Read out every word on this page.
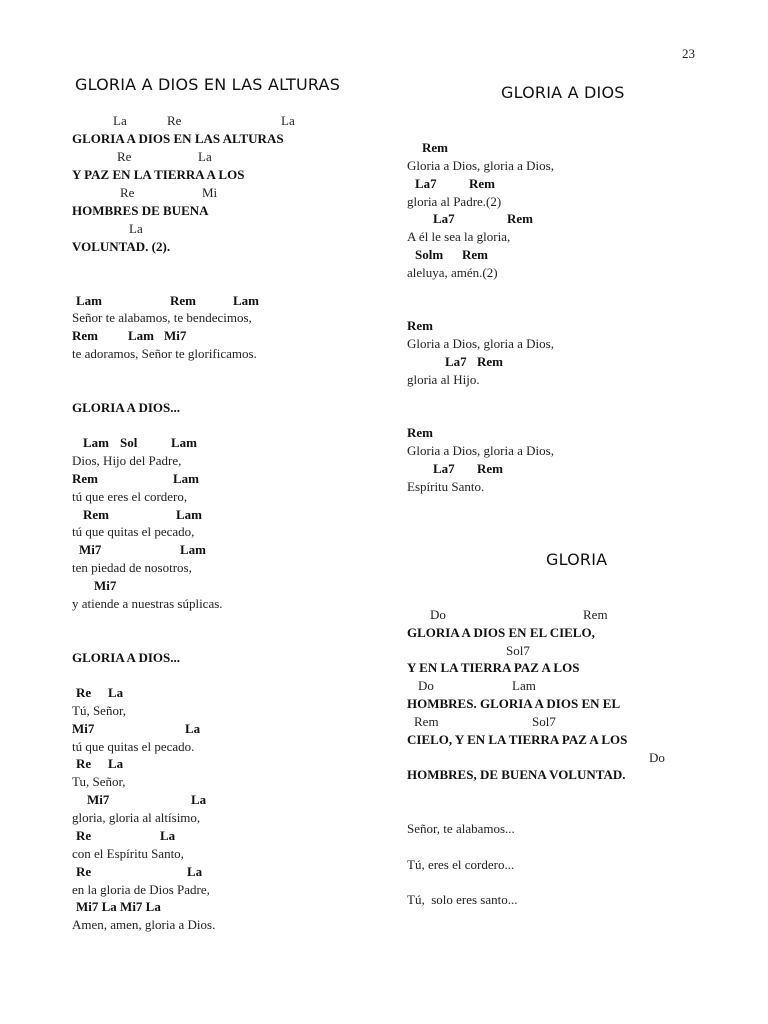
23
GLORIA A DIOS EN LAS ALTURAS	GLORIA A DIOS
GLORIA
La	Re	La
GLORIA A DIOS EN LAS ALTURAS
Re	La
Y PAZ EN LA TIERRA A LOS
Re	Mi
HOMBRES DE BUENA
La
VOLUNTAD. (2).
Lam	Rem	Lam
Señor te alabamos, te bendecimos,
Rem Lam Mi7
te adoramos, Señor te glorificamos.
GLORIA A DIOS...
Lam Sol	Lam
Dios, Hijo del Padre,
Rem	Lam
tú que eres el cordero,
Rem	Lam
tú que quitas el pecado,
Mi7	Lam
ten piedad de nosotros,
Mi7
y atiende a nuestras súplicas.
GLORIA A DIOS...
Re La
Tú, Señor,
Mi7	La
tú que quitas el pecado.
Re La
Tu, Señor,
Mi7	La
gloria, gloria al altísimo,
Re	La
con el Espíritu Santo,
Re	La
en la gloria de Dios Padre,
Mi7 La Mi7 La
Amen, amen, gloria a Dios.
Rem
Gloria a Dios, gloria a Dios,
La7 Rem
gloria al Padre.(2)
La7	Rem
A él le sea la gloria,
Solm Rem
aleluya, amén.(2)
Rem
Gloria a Dios, gloria a Dios,
La7 Rem
gloria al Hijo.
Rem
Gloria a Dios, gloria a Dios,
La7 Rem
Espíritu Santo.
Do	Rem
GLORIA A DIOS EN EL CIELO,
Sol7
Y EN LA TIERRA PAZ A LOS
Do	Lam
HOMBRES. GLORIA A DIOS EN EL
Rem	Sol7
CIELO, Y EN LA TIERRA PAZ A LOS
Do
HOMBRES, DE BUENA VOLUNTAD.
Señor, te alabamos...
Tú, eres el cordero...
Tú,  solo eres santo...
